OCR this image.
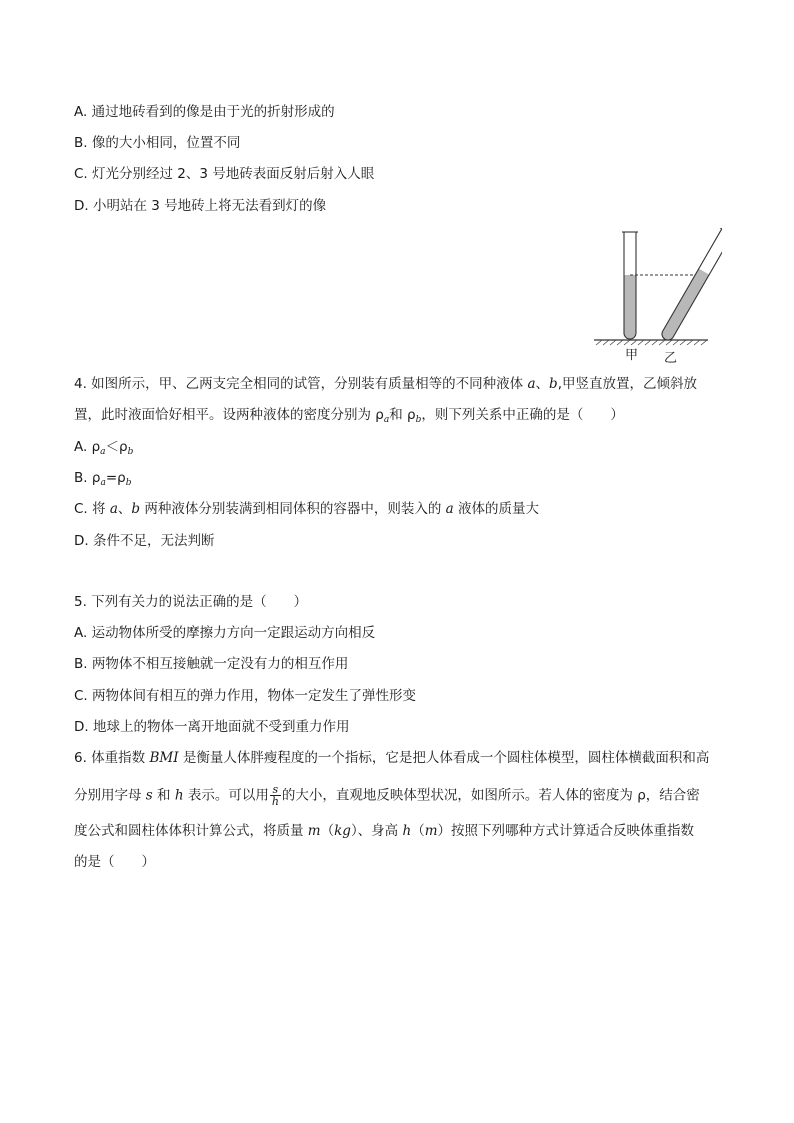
A. 通过地砖看到的像是由于光的折射形成的
B. 像的大小相同，位置不同
C. 灯光分别经过 2、3 号地砖表面反射后射入人眼
D. 小明站在 3 号地砖上将无法看到灯的像
甲 乙
4. 如图所示，甲、乙两支完全相同的试管，分别装有质量相等的不同种液体 a、b,甲竖直放置，乙倾斜放
置，此时液面恰好相平。设两种液体的密度分别为 $\rho_a$和 $\rho_b$，则下列关系中正确的是（　　）
A. $\rho_a<\rho_b$
B. $\rho_a=\rho_b$
C. 将 a、b 两种液体分别装满到相同体积的容器中，则装入的 a 液体的质量大
D. 条件不足，无法判断
5. 下列有关力的说法正确的是（　　）
A. 运动物体所受的摩擦力方向一定跟运动方向相反
B. 两物体不相互接触就一定没有力的相互作用
C. 两物体间有相互的弹力作用，物体一定发生了弹性形变
D. 地球上的物体一离开地面就不受到重力作用
6. 体重指数 BMI 是衡量人体胖瘦程度的一个指标，它是把人体看成一个圆柱体模型，圆柱体横截面积和高
分别用字母 s 和 h 表示。可以用 $\frac{s}{h}$ 的大小，直观地反映体型状况，如图所示。若人体的密度为 ρ，结合密
度公式和圆柱体体积计算公式，将质量 m（kg）、身高 h（m）按照下列哪种方式计算适合反映体重指数
的是（　　）
